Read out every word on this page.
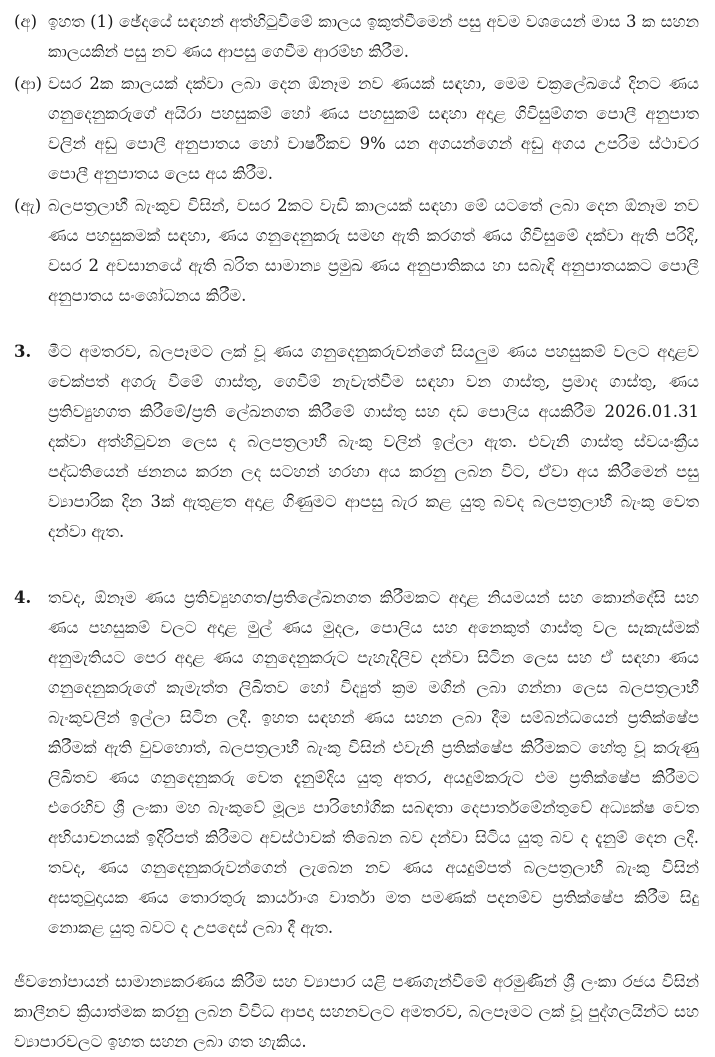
(අ) ඉහත (1) ඡේදයේ සඳහන් අත්හිටුවීමේ කාලය ඉකුත්වීමෙන් පසු අවම වශයෙන් මාස 3 ක සහන කාලයකින් පසු නව ණය ආපසු ගෙවීම ආරම්භ කිරීම.
(ආ) වසර 2ක කාලයක් දක්වා ලබා දෙන ඕනෑම නව ණයක් සඳහා, මෙම චක්‍රලේඛයේ දිනට ණය ගනුදෙනුකරුගේ අයිරා පහසුකම් හෝ ණය පහසුකම් සඳහා අදාළ ගිවිසුම්ගත පොලී අනුපාත වලින් අඩු පොලී අනුපාතය හෝ වාර්ෂිකව 9% යන අගයන්ගෙන් අඩු අගය උපරිම ස්ථාවර පොලී අනුපාතය ලෙස අය කිරීම.
(ඇ) බලපත්‍රලාභී බැංකුව විසින්, වසර 2කට වැඩි කාලයක් සඳහා මේ යටතේ ලබා දෙන ඕනෑම නව ණය පහසුකමක් සඳහා, ණය ගනුදෙනුකරු සමඟ ඇති කරගත් ණය ගිවිසුමේ දක්වා ඇති පරිදි, වසර 2 අවසානයේ ඇති බරිත සාමාන්‍ය ප්‍රමුඛ ණය අනුපාතිකය හා සබැඳි අනුපාතයකට පොලී අනුපාතය සංශෝධනය කිරීම.
3. මීට අමතරව, බලපෑමට ලක් වූ ණය ගනුදෙනුකරුවන්ගේ සියලුම ණය පහසුකම් වලට අදාළව චෙක්පත් අගරු වීමේ ගාස්තු, ගෙවීම් නැවැත්වීම සඳහා වන ගාස්තු, ප්‍රමාද ගාස්තු, ණය ප්‍රතිව්‍යුහගත කිරීමේ/ප්‍රති ලේඛනගත කිරීමේ ගාස්තු සහ දඩ පොලිය අයකිරීම 2026.01.31 දක්වා අත්හිටුවන ලෙස ද බලපත්‍රලාභී බැංකු වලින් ඉල්ලා ඇත. එවැනි ගාස්තු ස්වයංක්‍රීය පද්ධතියෙන් ජනනය කරන ලද සටහන් හරහා අය කරනු ලබන විට, ඒවා අය කිරීමෙන් පසු ව්‍යාපාරික දින 3ක් ඇතුළත අදාළ ගිණුමට ආපසු බැර කළ යුතු බවද බලපත්‍රලාභී බැංකු වෙත දන්වා ඇත.
4. තවද, ඕනෑම ණය ප්‍රතිව්‍යුහගත/ප්‍රතිලේඛනගත කිරීමකට අදාළ නියමයන් සහ කොන්දේසි සහ ණය පහසුකම් වලට අදාළ මුල් ණය මුදල, පොලිය සහ අනෙකුත් ගාස්තු වල සැකැස්මක් අනුමැතියට පෙර අදාළ ණය ගනුදෙනුකරුට පැහැදිලිව දන්වා සිටින ලෙස සහ ඒ සඳහා ණය ගනුදෙනුකරුගේ කැමැත්ත ලිඛිතව හෝ විද්‍යුත් ක්‍රම මගින් ලබා ගන්නා ලෙස බලපත්‍රලාභී බැංකුවලින් ඉල්ලා සිටින ලදී. ඉහත සඳහන් ණය සහන ලබා දීම සම්බන්ධයෙන් ප්‍රතික්ෂේප කිරීමක් ඇති වුවහොත්, බලපත්‍රලාභී බැංකු විසින් එවැනි ප්‍රතික්ෂේප කිරීමකට හේතු වූ කරුණු ලිඛිතව ණය ගනුදෙනුකරු වෙත දැනුම්දිය යුතු අතර, අයදුම්කරුට එම ප්‍රතික්ෂේප කිරීමට එරෙහිව ශ්‍රී ලංකා මහ බැංකුවේ මූල්‍ය පාරිභෝගික සබඳතා දෙපාර්තමේන්තුවේ අධ්‍යක්ෂ වෙත අභියාචනයක් ඉදිරිපත් කිරීමට අවස්ථාවක් තිබෙන බව දන්වා සිටිය යුතු බව ද දැනුම් දෙන ලදී. තවද, ණය ගනුදෙනුකරුවන්ගෙන් ලැබෙන නව ණය අයදුම්පත් බලපත්‍රලාභී බැංකු විසින් අසතුටුදායක ණය තොරතුරු කාර්යාංශ වාර්තා මත පමණක් පදනම්ව ප්‍රතික්ෂේප කිරීම සිදු නොකළ යුතු බවට ද උපදෙස් ලබා දී ඇත.
ජීවනෝපායන් සාමාන්‍යකරණය කිරීම සහ ව්‍යාපාර යළි පණගැන්වීමේ අරමුණින් ශ්‍රී ලංකා රජය විසින් කාලීනව ක්‍රියාත්මක කරනු ලබන විවිධ ආපදා සහනවලට අමතරව, බලපෑමට ලක් වූ පුද්ගලයින්ට සහ ව්‍යාපාරවලට ඉහත සහන ලබා ගත හැකිය.
